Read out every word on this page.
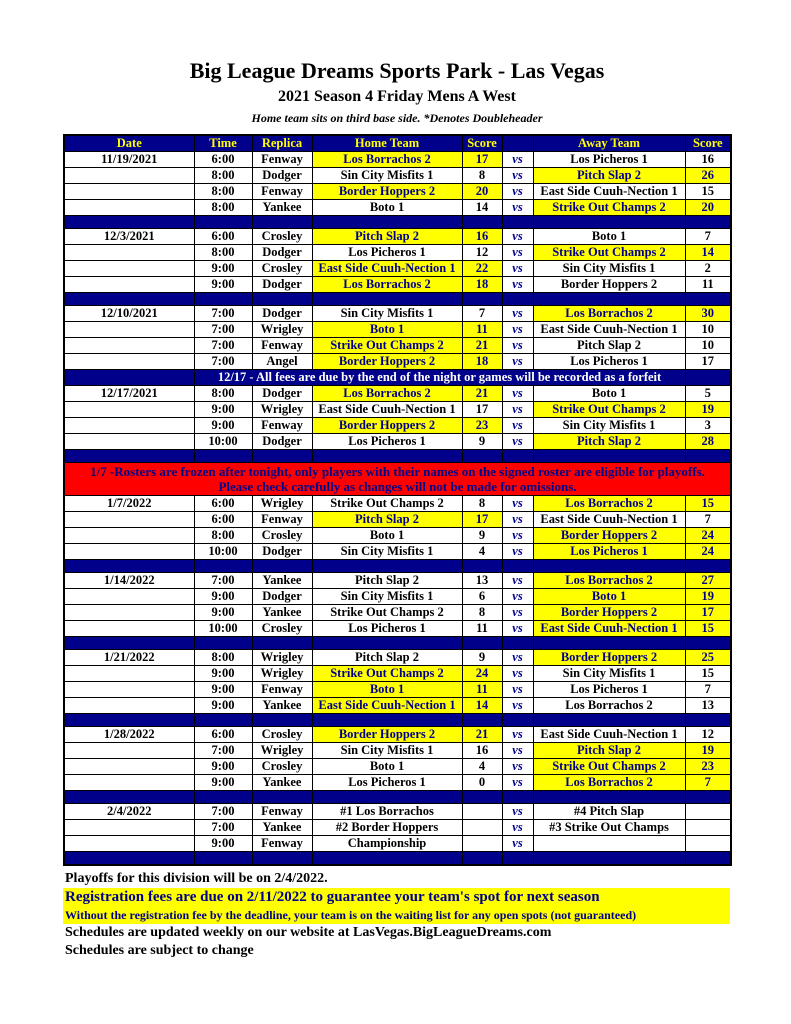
Big League Dreams Sports Park - Las Vegas
2021 Season 4 Friday Mens A West
Home team sits on third base side. *Denotes Doubleheader
Date	Time	Replica	Home Team	Score		Away Team	Score
11/19/2021	6:00	Fenway	Los Borrachos 2	17	vs	Los Picheros 1	16
	8:00	Dodger	Sin City Misfits 1	8	vs	Pitch Slap 2	26
	8:00	Fenway	Border Hoppers 2	20	vs	East Side Cuuh-Nection 1	15
	8:00	Yankee	Boto 1	14	vs	Strike Out Champs 2	20

12/3/2021	6:00	Crosley	Pitch Slap 2	16	vs	Boto 1	7
	8:00	Dodger	Los Picheros 1	12	vs	Strike Out Champs 2	14
	9:00	Crosley	East Side Cuuh-Nection 1	22	vs	Sin City Misfits 1	2
	9:00	Dodger	Los Borrachos 2	18	vs	Border Hoppers 2	11

12/10/2021	7:00	Dodger	Sin City Misfits 1	7	vs	Los Borrachos 2	30
	7:00	Wrigley	Boto 1	11	vs	East Side Cuuh-Nection 1	10
	7:00	Fenway	Strike Out Champs 2	21	vs	Pitch Slap 2	10
	7:00	Angel	Border Hoppers 2	18	vs	Los Picheros 1	17
	12/17 - All fees are due by the end of the night or games will be recorded as a forfeit						
12/17/2021	8:00	Dodger	Los Borrachos 2	21	vs	Boto 1	5
	9:00	Wrigley	East Side Cuuh-Nection 1	17	vs	Strike Out Champs 2	19
	9:00	Fenway	Border Hoppers 2	23	vs	Sin City Misfits 1	3
	10:00	Dodger	Los Picheros 1	9	vs	Pitch Slap 2	28

1/7 -Rosters are frozen after tonight, only players with their names on the signed roster are eligible for playoffs.
Please check carefully as changes will not be made for omissions.							

1/7/2022	6:00	Wrigley	Strike Out Champs 2	8	vs	Los Borrachos 2	15
	6:00	Fenway	Pitch Slap 2	17	vs	East Side Cuuh-Nection 1	7
	8:00	Crosley	Boto 1	9	vs	Border Hoppers 2	24
	10:00	Dodger	Sin City Misfits 1	4	vs	Los Picheros 1	24

1/14/2022	7:00	Yankee	Pitch Slap 2	13	vs	Los Borrachos 2	27
	9:00	Dodger	Sin City Misfits 1	6	vs	Boto 1	19
	9:00	Yankee	Strike Out Champs 2	8	vs	Border Hoppers 2	17
	10:00	Crosley	Los Picheros 1	11	vs	East Side Cuuh-Nection 1	15

1/21/2022	8:00	Wrigley	Pitch Slap 2	9	vs	Border Hoppers 2	25
	9:00	Wrigley	Strike Out Champs 2	24	vs	Sin City Misfits 1	15
	9:00	Fenway	Boto 1	11	vs	Los Picheros 1	7
	9:00	Yankee	East Side Cuuh-Nection 1	14	vs	Los Borrachos 2	13

1/28/2022	6:00	Crosley	Border Hoppers 2	21	vs	East Side Cuuh-Nection 1	12
	7:00	Wrigley	Sin City Misfits 1	16	vs	Pitch Slap 2	19
	9:00	Crosley	Boto 1	4	vs	Strike Out Champs 2	23
	9:00	Yankee	Los Picheros 1	0	vs	Los Borrachos 2	7

2/4/2022	7:00	Fenway	#1 Los Borrachos		vs	#4 Pitch Slap	
	7:00	Yankee	#2 Border Hoppers		vs	#3 Strike Out Champs	
	9:00	Fenway	Championship		vs		

Playoffs for this division will be on 2/4/2022.
Registration fees are due on 2/11/2022 to guarantee your team's spot for next season
Without the registration fee by the deadline, your team is on the waiting list for any open spots (not guaranteed)
Schedules are updated weekly on our website at LasVegas.BigLeagueDreams.com
Schedules are subject to change
